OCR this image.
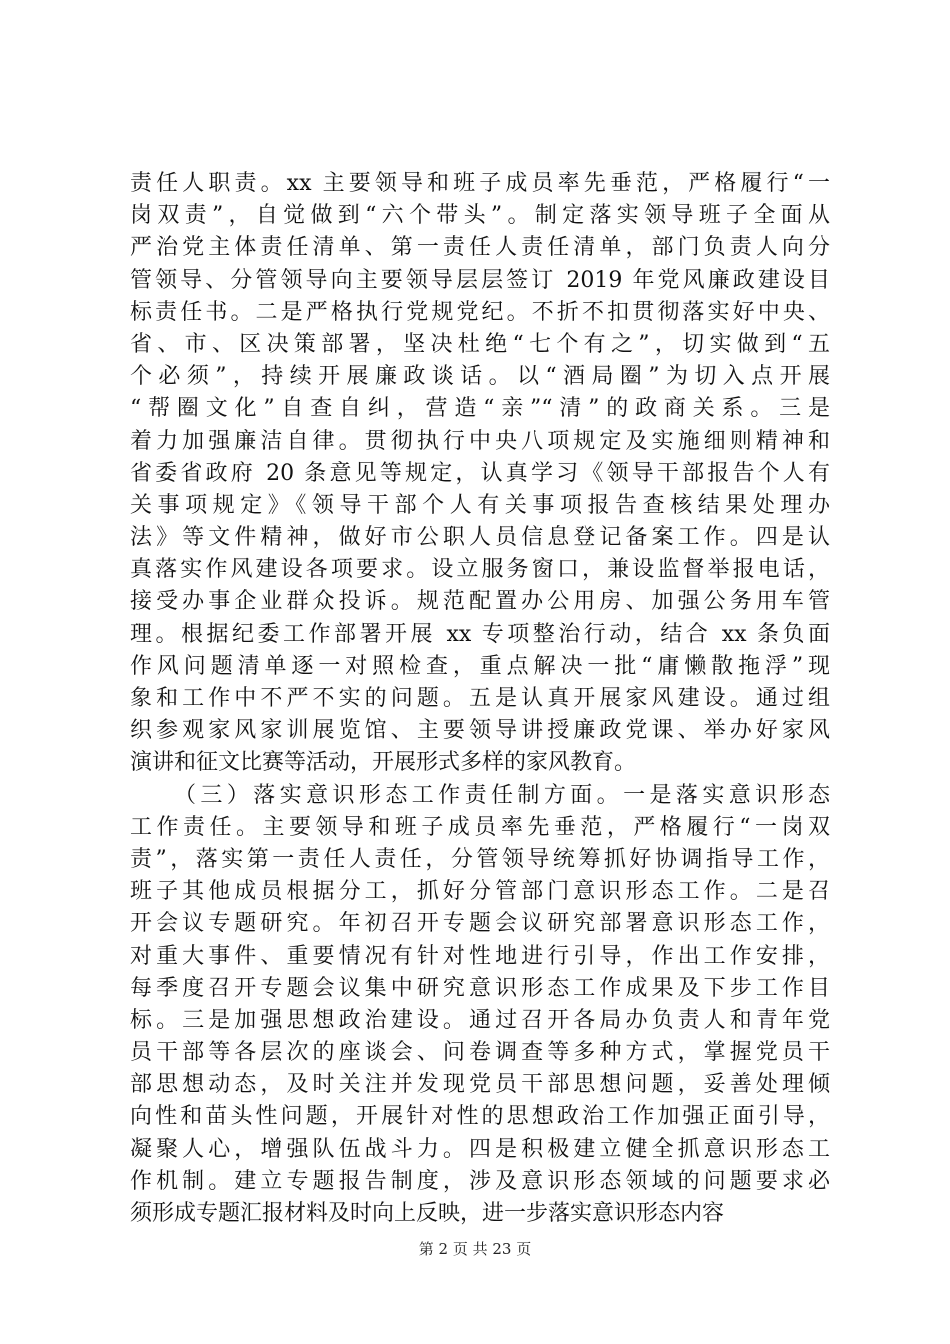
责任人职责。xx 主要领导和班子成员率先垂范，严格履行“一
岗双责”，自觉做到“六个带头”。制定落实领导班子全面从
严治党主体责任清单、第一责任人责任清单，部门负责人向分
管领导、分管领导向主要领导层层签订 2019 年党风廉政建设目
标责任书。二是严格执行党规党纪。不折不扣贯彻落实好中央、
省、市、区决策部署，坚决杜绝“七个有之”，切实做到“五
个必须”，持续开展廉政谈话。以“酒局圈”为切入点开展
“帮圈文化”自查自纠，营造“亲”“清”的政商关系。三是
着力加强廉洁自律。贯彻执行中央八项规定及实施细则精神和
省委省政府 20 条意见等规定，认真学习《领导干部报告个人有
关事项规定》《领导干部个人有关事项报告查核结果处理办
法》等文件精神，做好市公职人员信息登记备案工作。四是认
真落实作风建设各项要求。设立服务窗口，兼设监督举报电话，
接受办事企业群众投诉。规范配置办公用房、加强公务用车管
理。根据纪委工作部署开展 xx 专项整治行动，结合 xx 条负面
作风问题清单逐一对照检查，重点解决一批“庸懒散拖浮”现
象和工作中不严不实的问题。五是认真开展家风建设。通过组
织参观家风家训展览馆、主要领导讲授廉政党课、举办好家风
演讲和征文比赛等活动，开展形式多样的家风教育。
（三）落实意识形态工作责任制方面。一是落实意识形态
工作责任。主要领导和班子成员率先垂范，严格履行“一岗双
责”，落实第一责任人责任，分管领导统筹抓好协调指导工作，
班子其他成员根据分工，抓好分管部门意识形态工作。二是召
开会议专题研究。年初召开专题会议研究部署意识形态工作，
对重大事件、重要情况有针对性地进行引导，作出工作安排，
每季度召开专题会议集中研究意识形态工作成果及下步工作目
标。三是加强思想政治建设。通过召开各局办负责人和青年党
员干部等各层次的座谈会、问卷调查等多种方式，掌握党员干
部思想动态，及时关注并发现党员干部思想问题，妥善处理倾
向性和苗头性问题，开展针对性的思想政治工作加强正面引导，
凝聚人心，增强队伍战斗力。四是积极建立健全抓意识形态工
作机制。建立专题报告制度，涉及意识形态领域的问题要求必
须形成专题汇报材料及时向上反映，进一步落实意识形态内容
第 2 页 共 23 页
